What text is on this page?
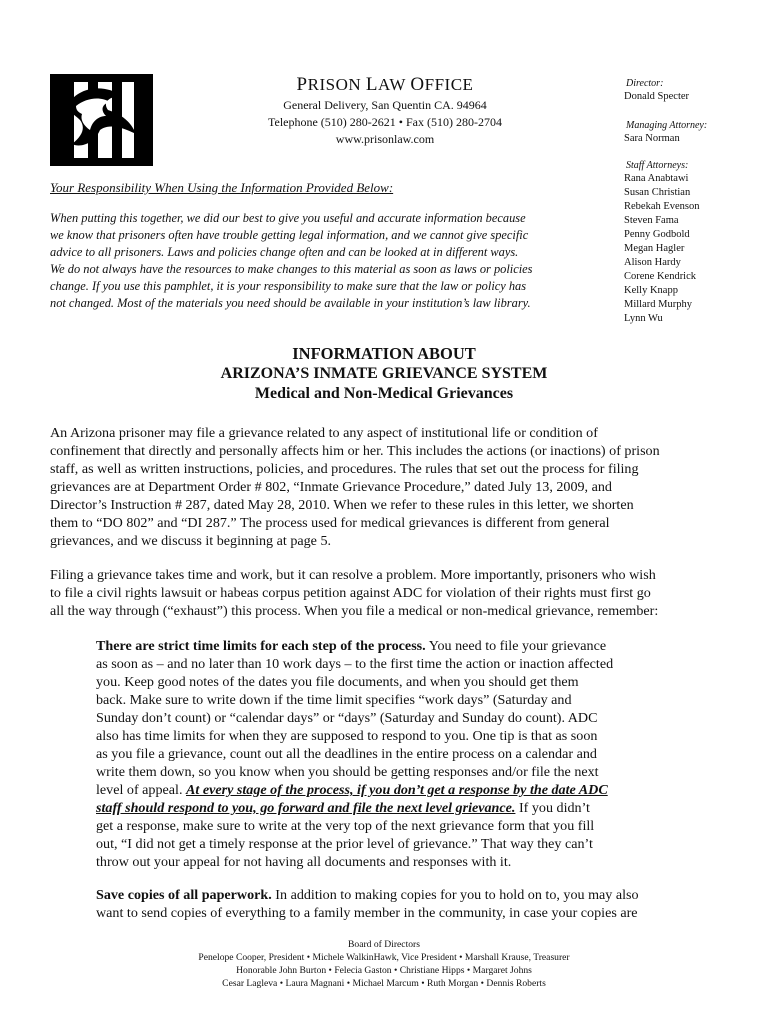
PRISON LAW OFFICE
General Delivery, San Quentin CA. 94964
Telephone (510) 280-2621 • Fax (510) 280-2704
www.prisonlaw.com
Director:
Donald Specter
Managing Attorney:
Sara Norman
Staff Attorneys:
Rana Anabtawi
Susan Christian
Rebekah Evenson
Steven Fama
Penny Godbold
Megan Hagler
Alison Hardy
Corene Kendrick
Kelly Knapp
Millard Murphy
Lynn Wu
Your Responsibility When Using the Information Provided Below:
When putting this together, we did our best to give you useful and accurate information because
we know that prisoners often have trouble getting legal information, and we cannot give specific
advice to all prisoners. Laws and policies change often and can be looked at in different ways.
We do not always have the resources to make changes to this material as soon as laws or policies
change. If you use this pamphlet, it is your responsibility to make sure that the law or policy has
not changed. Most of the materials you need should be available in your institution’s law library.
INFORMATION ABOUT
ARIZONA’S INMATE GRIEVANCE SYSTEM
Medical and Non-Medical Grievances
An Arizona prisoner may file a grievance related to any aspect of institutional life or condition of
confinement that directly and personally affects him or her. This includes the actions (or inactions) of prison
staff, as well as written instructions, policies, and procedures. The rules that set out the process for filing
grievances are at Department Order # 802, “Inmate Grievance Procedure,” dated July 13, 2009, and
Director’s Instruction # 287, dated May 28, 2010. When we refer to these rules in this letter, we shorten
them to “DO 802” and “DI 287.” The process used for medical grievances is different from general
grievances, and we discuss it beginning at page 5.
Filing a grievance takes time and work, but it can resolve a problem. More importantly, prisoners who wish
to file a civil rights lawsuit or habeas corpus petition against ADC for violation of their rights must first go
all the way through (“exhaust”) this process. When you file a medical or non-medical grievance, remember:
There are strict time limits for each step of the process. You need to file your grievance
as soon as – and no later than 10 work days – to the first time the action or inaction affected
you. Keep good notes of the dates you file documents, and when you should get them
back. Make sure to write down if the time limit specifies “work days” (Saturday and
Sunday don’t count) or “calendar days” or “days” (Saturday and Sunday do count). ADC
also has time limits for when they are supposed to respond to you. One tip is that as soon
as you file a grievance, count out all the deadlines in the entire process on a calendar and
write them down, so you know when you should be getting responses and/or file the next
level of appeal. At every stage of the process, if you don’t get a response by the date ADC
staff should respond to you, go forward and file the next level grievance. If you didn’t
get a response, make sure to write at the very top of the next grievance form that you fill
out, “I did not get a timely response at the prior level of grievance.” That way they can’t
throw out your appeal for not having all documents and responses with it.
Save copies of all paperwork. In addition to making copies for you to hold on to, you may also
want to send copies of everything to a family member in the community, in case your copies are
Board of Directors
Penelope Cooper, President • Michele WalkinHawk, Vice President • Marshall Krause, Treasurer
Honorable John Burton • Felecia Gaston • Christiane Hipps • Margaret Johns
Cesar Lagleva • Laura Magnani • Michael Marcum • Ruth Morgan • Dennis Roberts
